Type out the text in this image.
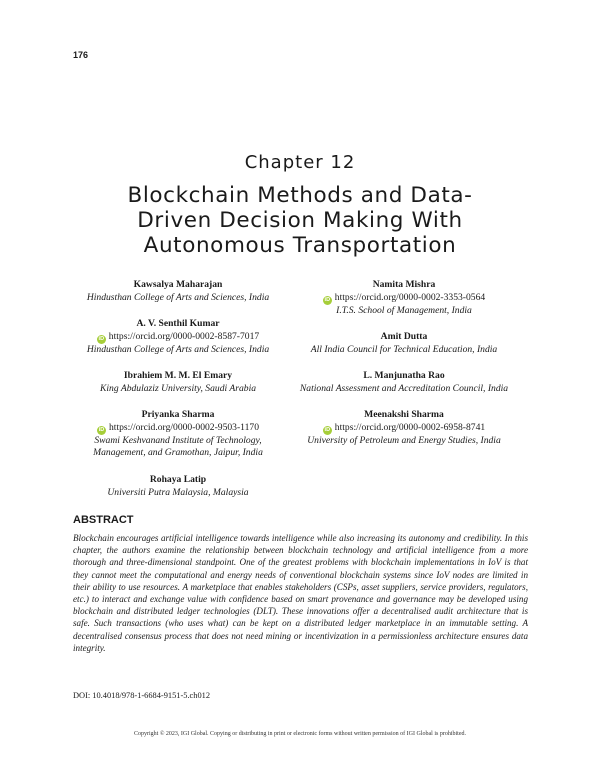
176
Chapter 12
Blockchain Methods and Data-
Driven Decision Making With
Autonomous Transportation
Kawsalya Maharajan
Hindusthan College of Arts and Sciences, India
A. V. Senthil Kumar
iD https://orcid.org/0000-0002-8587-7017
Hindusthan College of Arts and Sciences, India
Ibrahiem M. M. El Emary
King Abdulaziz University, Saudi Arabia
Priyanka Sharma
iD https://orcid.org/0000-0002-9503-1170
Swami Keshvanand Institute of Technology,
Management, and Gramothan, Jaipur, India
Rohaya Latip
Universiti Putra Malaysia, Malaysia
Namita Mishra
iD https://orcid.org/0000-0002-3353-0564
I.T.S. School of Management, India
Amit Dutta
All India Council for Technical Education, India
L. Manjunatha Rao
National Assessment and Accreditation Council, India
Meenakshi Sharma
iD https://orcid.org/0000-0002-6958-8741
University of Petroleum and Energy Studies, India
ABSTRACT

Blockchain encourages artificial intelligence towards intelligence while also increasing its autonomy and credibility. In this chapter, the authors examine the relationship between blockchain technology and artificial intelligence from a more thorough and three-dimensional standpoint. One of the greatest problems with blockchain implementations in IoV is that they cannot meet the computational and energy needs of conventional blockchain systems since IoV nodes are limited in their ability to use resources. A marketplace that enables stakeholders (CSPs, asset suppliers, service providers, regulators, etc.) to interact and exchange value with confidence based on smart provenance and governance may be developed using blockchain and distributed ledger technologies (DLT). These innovations offer a decentralised audit architecture that is safe. Such transactions (who uses what) can be kept on a distributed ledger marketplace in an immutable setting. A decentralised consensus process that does not need mining or incentivization in a permissionless architecture ensures data integrity.

DOI: 10.4018/978-1-6684-9151-5.ch012
Copyright © 2023, IGI Global. Copying or distributing in print or electronic forms without written permission of IGI Global is prohibited.
